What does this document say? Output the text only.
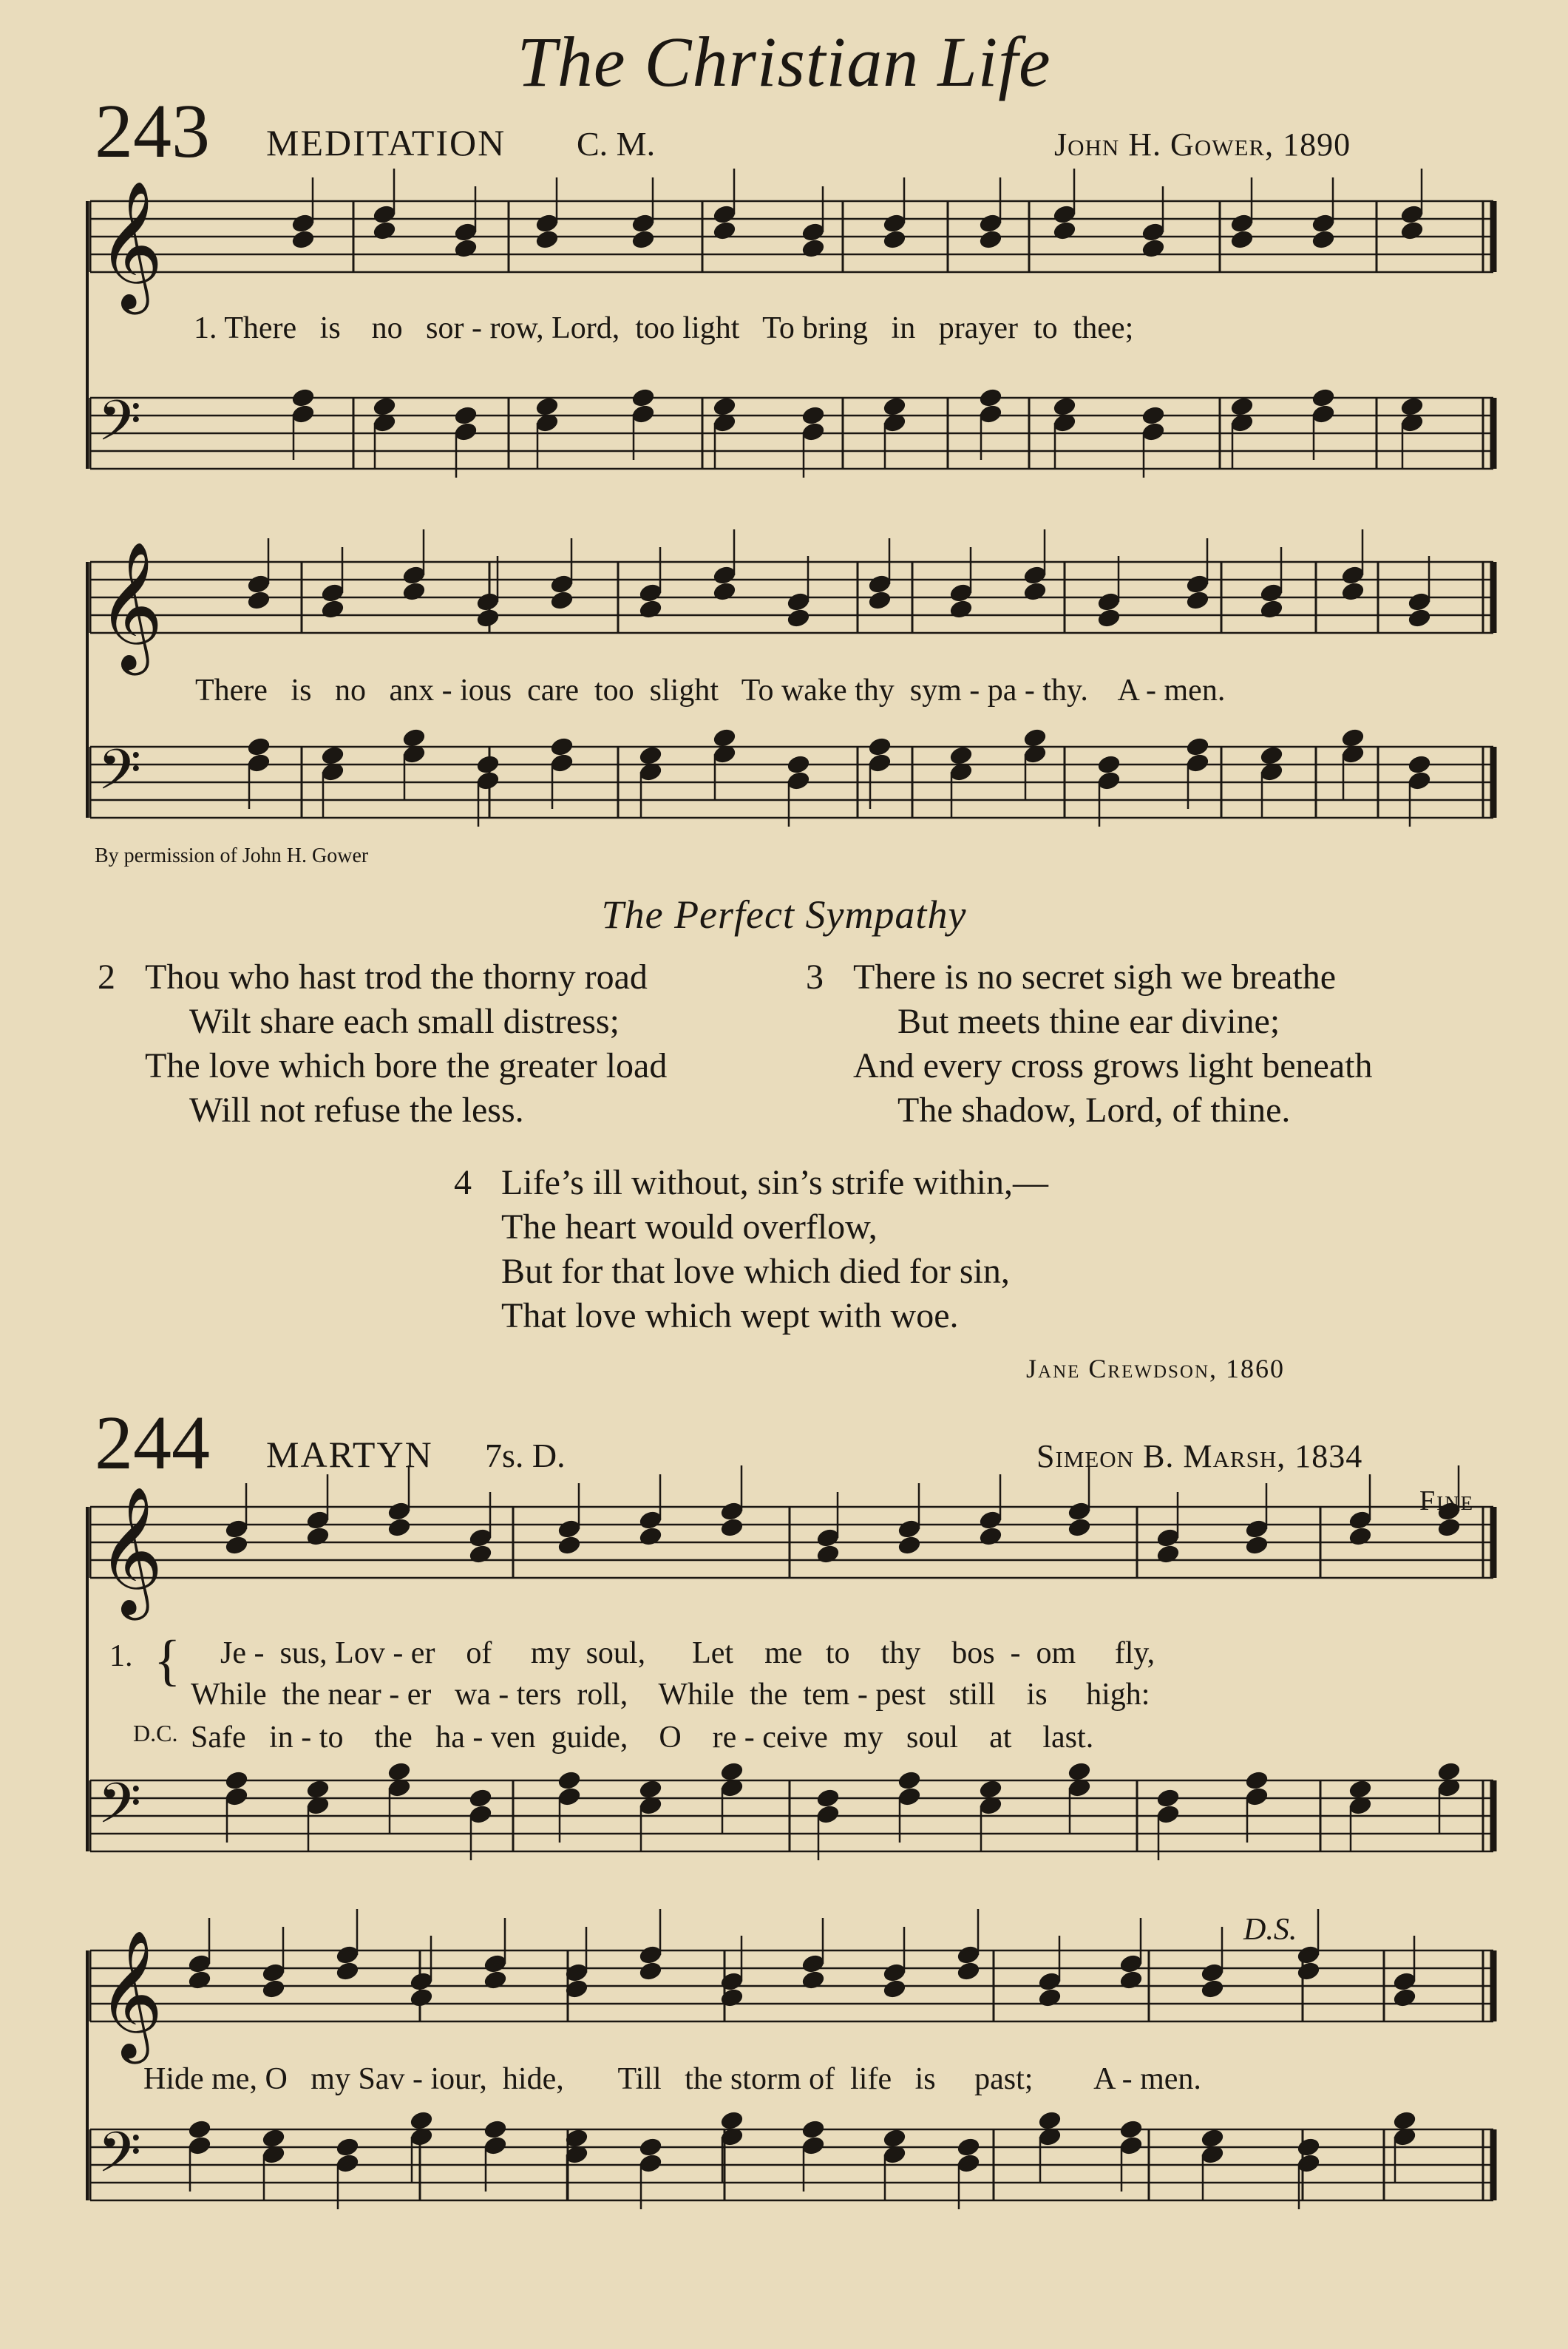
𝄞
𝄢
𝄞
𝄢
𝄞
𝄢
𝄞
𝄢
The Christian Life
243 MEDITATION C. M.	John H. Gower, 1890
1. There   is    no   sor - row, Lord,  too light   To bring   in   prayer  to  thee;
There   is   no   anx - ious  care  too  slight   To wake thy  sym - pa - thy.    A - men.
By permission of John H. Gower
The Perfect Sympathy
2 Thou who hast trod the thorny road
Wilt share each small distress;
The love which bore the greater load
Will not refuse the less.
3 There is no secret sigh we breathe
But meets thine ear divine;
And every cross grows light beneath
The shadow, Lord, of thine.
4 Life’s ill without, sin’s strife within,—
The heart would overflow,
But for that love which died for sin,
That love which wept with woe.
Jane Crewdson, 1860
244 MARTYN 7s. D.	Simeon B. Marsh, 1834
Fine
1. { Je -  sus, Lov - er    of     my  soul,      Let    me   to    thy    bos  -  om     fly,
While  the near - er   wa - ters  roll,    While  the  tem - pest   still    is     high:
D.C. Safe   in - to    the   ha - ven  guide,    O    re - ceive  my   soul    at    last.
D.S.
Hide me, O   my Sav - iour,  hide,       Till   the storm of  life   is     past;        A - men.
